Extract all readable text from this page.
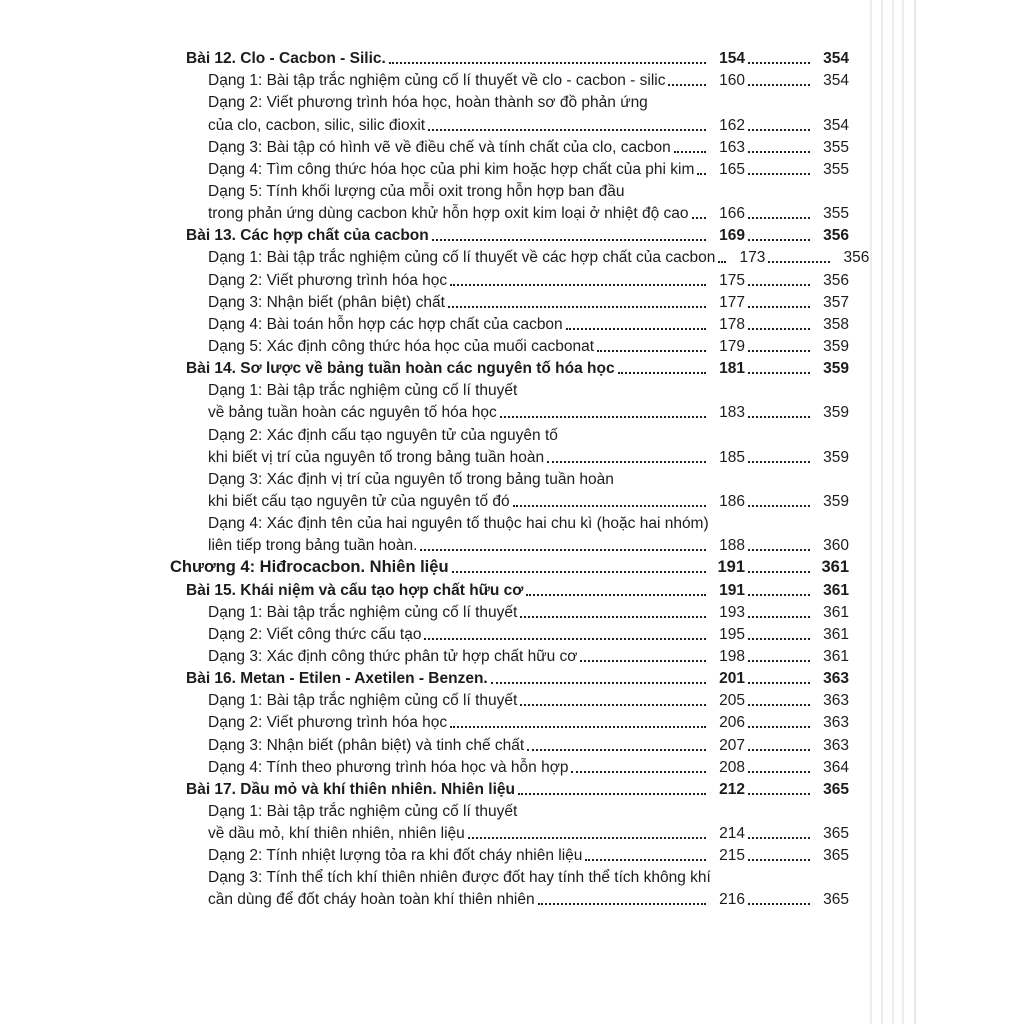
Bài 12. Clo - Cacbon - Silic.	154	354
Dạng 1: Bài tập trắc nghiệm củng cố lí thuyết về clo - cacbon - silic	160	354
Dạng 2: Viết phương trình hóa học, hoàn thành sơ đồ phản ứng
của clo, cacbon, silic, silic đioxit	162	354
Dạng 3: Bài tập có hình vẽ về điều chế và tính chất của clo, cacbon	163	355
Dạng 4: Tìm công thức hóa học của phi kim hoặc hợp chất của phi kim	165	355
Dạng 5: Tính khối lượng của mỗi oxit trong hỗn hợp ban đầu
trong phản ứng dùng cacbon khử hỗn hợp oxit kim loại ở nhiệt độ cao	166	355
Bài 13. Các hợp chất của cacbon	169	356
Dạng 1: Bài tập trắc nghiệm củng cố lí thuyết về các hợp chất của cacbon	173	356
Dạng 2: Viết phương trình hóa học	175	356
Dạng 3: Nhận biết (phân biệt) chất	177	357
Dạng 4: Bài toán hỗn hợp các hợp chất của cacbon	178	358
Dạng 5: Xác định công thức hóa học của muối cacbonat	179	359
Bài 14. Sơ lược về bảng tuần hoàn các nguyên tố hóa học	181	359
Dạng 1: Bài tập trắc nghiệm củng cố lí thuyết
về bảng tuần hoàn các nguyên tố hóa học	183	359
Dạng 2: Xác định cấu tạo nguyên tử của nguyên tố
khi biết vị trí của nguyên tố trong bảng tuần hoàn	185	359
Dạng 3: Xác định vị trí của nguyên tố trong bảng tuần hoàn
khi biết cấu tạo nguyên tử của nguyên tố đó	186	359
Dạng 4: Xác định tên của hai nguyên tố thuộc hai chu kì (hoặc hai nhóm)
liên tiếp trong bảng tuần hoàn.	188	360
Chương 4: Hiđrocacbon. Nhiên liệu	191	361
Bài 15. Khái niệm và cấu tạo hợp chất hữu cơ	191	361
Dạng 1: Bài tập trắc nghiệm củng cố lí thuyết	193	361
Dạng 2: Viết công thức cấu tạo	195	361
Dạng 3: Xác định công thức phân tử hợp chất hữu cơ	198	361
Bài 16. Metan - Etilen - Axetilen - Benzen.	201	363
Dạng 1: Bài tập trắc nghiệm củng cố lí thuyết	205	363
Dạng 2: Viết phương trình hóa học	206	363
Dạng 3: Nhận biết (phân biệt) và tinh chế chất	207	363
Dạng 4: Tính theo phương trình hóa học và hỗn hợp	208	364
Bài 17. Dầu mỏ và khí thiên nhiên. Nhiên liệu	212	365
Dạng 1: Bài tập trắc nghiệm củng cố lí thuyết
về dầu mỏ, khí thiên nhiên, nhiên liệu	214	365
Dạng 2: Tính nhiệt lượng tỏa ra khi đốt cháy nhiên liệu	215	365
Dạng 3: Tính thể tích khí thiên nhiên được đốt hay tính thể tích không khí
cần dùng để đốt cháy hoàn toàn khí thiên nhiên	216	365
